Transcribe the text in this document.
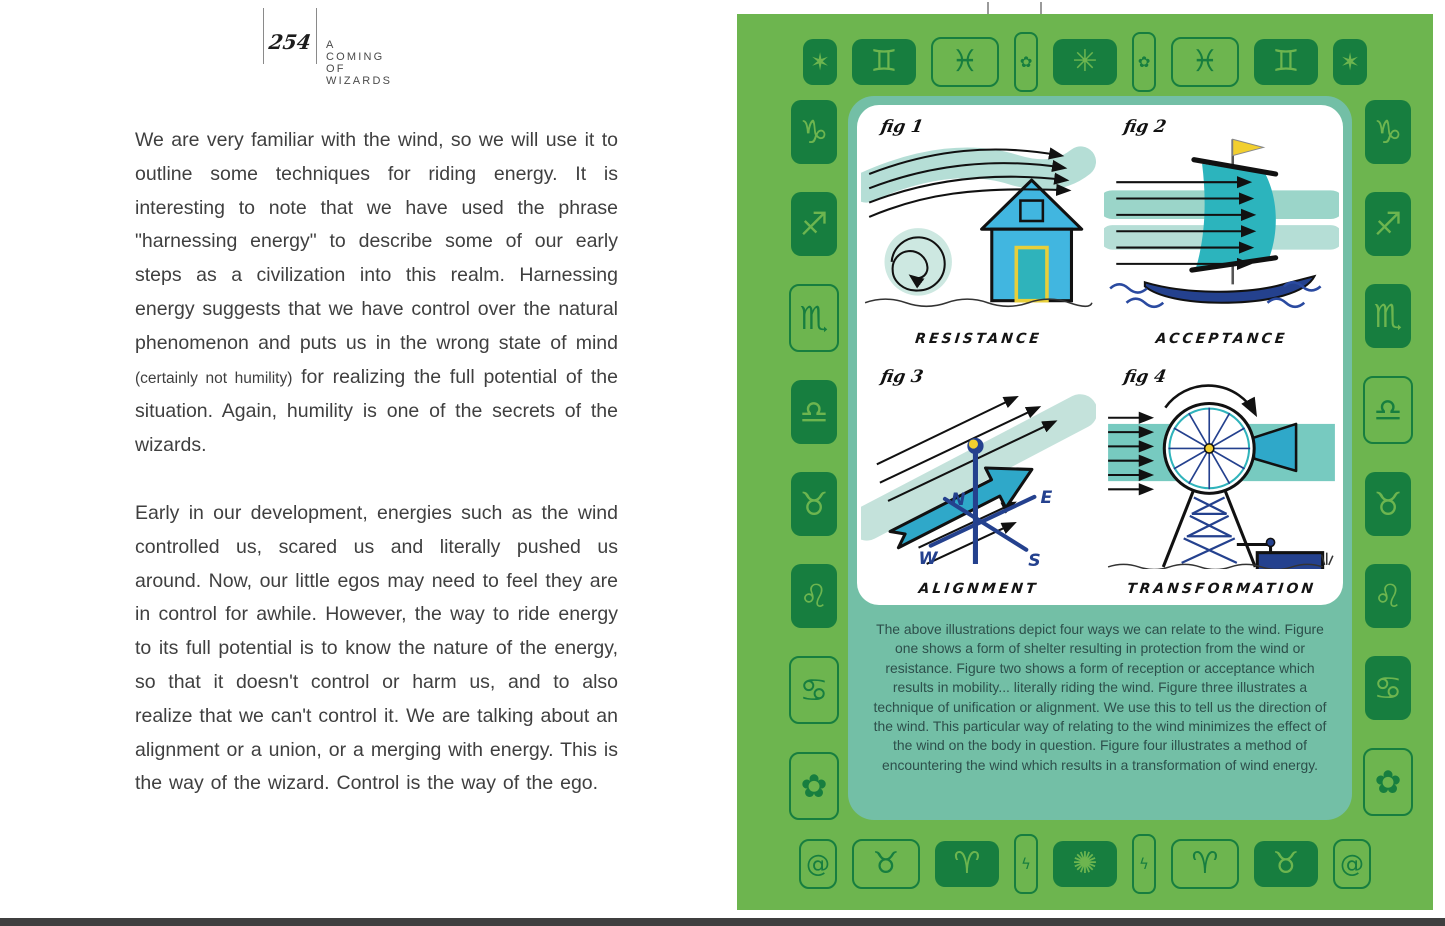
254 A COMING OF WIZARDS

We are very familiar with the wind, so we will use it to outline some techniques for riding energy. It is interesting to note that we have used the phrase "harnessing energy" to describe some of our early steps as a civilization into this realm. Harnessing energy suggests that we have control over the natural phenomenon and puts us in the wrong state of mind (certainly not humility) for realizing the full potential of the situation. Again, humility is one of the secrets of the wizards.

Early in our development, energies such as the wind controlled us, scared us and literally pushed us around. Now, our little egos may need to feel they are in control for awhile. However, the way to ride energy to its full potential is to know the nature of the energy, so that it doesn't control or harm us, and to also realize that we can't control it. We are talking about an alignment or a union, or a merging with energy. This is the way of the wizard. Control is the way of the ego.

✶ ♊ ♓	✿ ✳	✿ ♓ ♊ ✶
♑
♐
♏
♎
♉
♌
♋
✿
♑
♐
♏
♎
♉
♌
♋
✿
@ ♉ ♈	ϟ ✺	ϟ ♈ ♉ @
fig 1
RESISTANCE
fig 2
ACCEPTANCE
fig 3
N	E
W	S
ALIGNMENT
fig 4
TRANSFORMATION
The above illustrations depict four ways we can relate to the wind. Figure one shows a form of shelter resulting in protection from the wind or resistance. Figure two shows a form of reception or acceptance which results in mobility... literally riding the wind. Figure three illustrates a technique of unification or alignment. We use this to tell us the direction of the wind. This particular way of relating to the wind minimizes the effect of the wind on the body in question. Figure four illustrates a method of encountering the wind which results in a transformation of wind energy.
